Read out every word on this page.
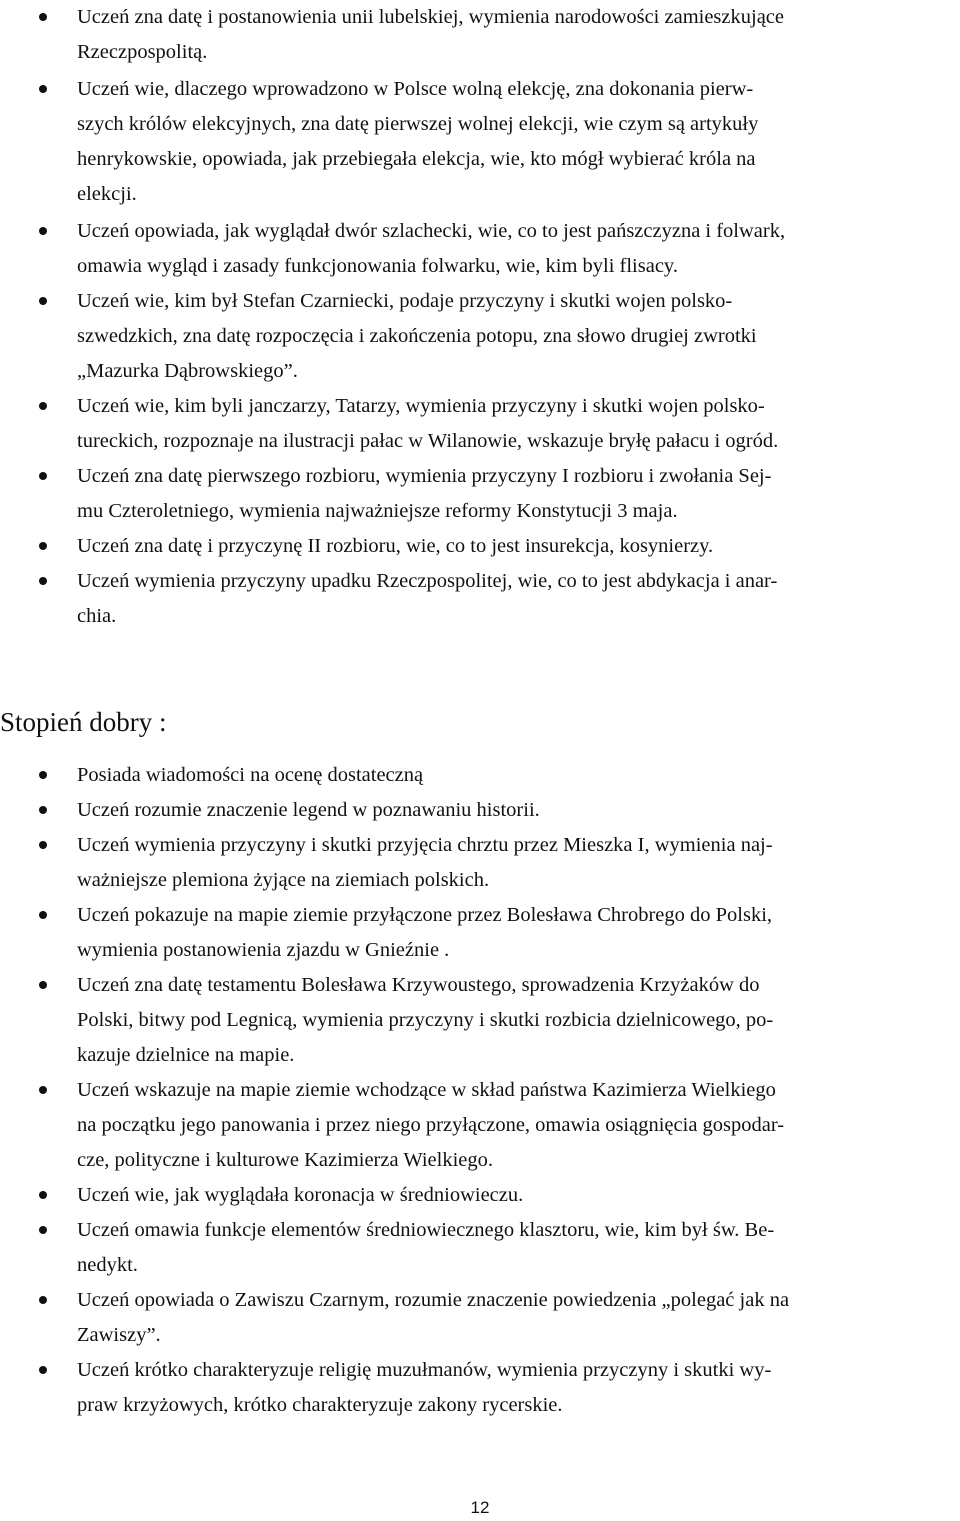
Uczeń zna datę i postanowienia unii lubelskiej, wymienia narodowości zamieszkujące
Rzeczpospolitą.
Uczeń wie, dlaczego wprowadzono w Polsce wolną elekcję, zna dokonania pierw-
szych królów elekcyjnych, zna datę pierwszej wolnej elekcji, wie czym są artykuły
henrykowskie, opowiada, jak przebiegała elekcja, wie, kto mógł wybierać króla na
elekcji.
Uczeń opowiada, jak wyglądał dwór szlachecki, wie, co to jest pańszczyzna i folwark,
omawia wygląd i zasady funkcjonowania folwarku, wie, kim byli flisacy.
Uczeń wie, kim był Stefan Czarniecki, podaje przyczyny i skutki wojen polsko-
szwedzkich, zna datę rozpoczęcia i zakończenia potopu, zna słowo drugiej zwrotki
„Mazurka Dąbrowskiego”.
Uczeń wie, kim byli janczarzy, Tatarzy, wymienia przyczyny i skutki wojen polsko-
tureckich, rozpoznaje na ilustracji pałac w Wilanowie, wskazuje bryłę pałacu i ogród.
Uczeń zna datę pierwszego rozbioru, wymienia przyczyny I rozbioru i zwołania Sej-
mu Czteroletniego, wymienia najważniejsze reformy Konstytucji 3 maja.
Uczeń zna datę i przyczynę II rozbioru, wie, co to jest insurekcja, kosynierzy.
Uczeń wymienia przyczyny upadku Rzeczpospolitej, wie, co to jest abdykacja i anar-
chia.
Stopień dobry :
Posiada wiadomości na ocenę dostateczną
Uczeń rozumie znaczenie legend w poznawaniu historii.
Uczeń wymienia przyczyny i skutki przyjęcia chrztu przez Mieszka I, wymienia naj-
ważniejsze plemiona żyjące na ziemiach polskich.
Uczeń pokazuje na mapie ziemie przyłączone przez Bolesława Chrobrego do Polski,
wymienia postanowienia zjazdu w Gnieźnie .
Uczeń zna datę testamentu Bolesława Krzywoustego, sprowadzenia Krzyżaków do
Polski, bitwy pod Legnicą, wymienia przyczyny i skutki rozbicia dzielnicowego, po-
kazuje dzielnice na mapie.
Uczeń wskazuje na mapie ziemie wchodzące w skład państwa Kazimierza Wielkiego
na początku jego panowania i przez niego przyłączone, omawia osiągnięcia gospodar-
cze, polityczne i kulturowe Kazimierza Wielkiego.
Uczeń wie, jak wyglądała koronacja w średniowieczu.
Uczeń omawia funkcje elementów średniowiecznego klasztoru, wie, kim był św. Be-
nedykt.
Uczeń opowiada o Zawiszu Czarnym, rozumie znaczenie powiedzenia „polegać jak na
Zawiszy”.
Uczeń krótko charakteryzuje religię muzułmanów, wymienia przyczyny i skutki wy-
praw krzyżowych, krótko charakteryzuje zakony rycerskie.
12
